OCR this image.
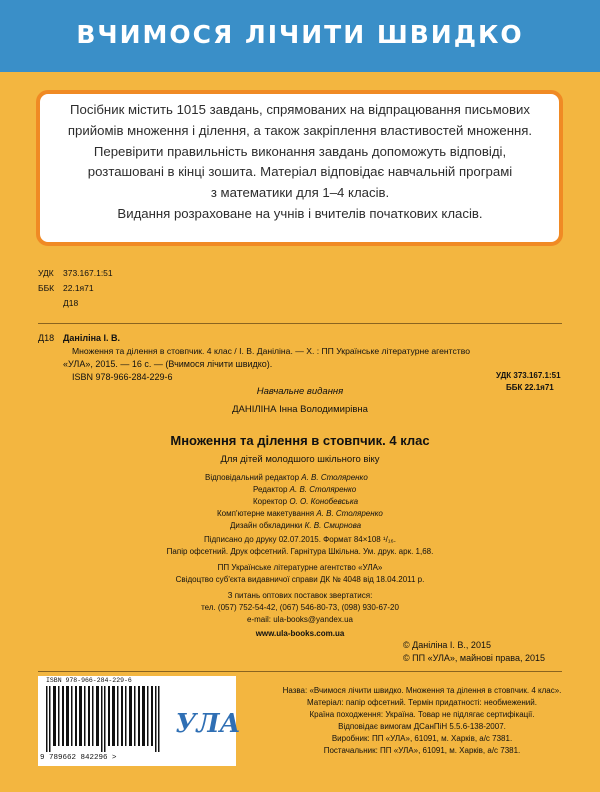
ВЧИМОСЯ ЛІЧИТИ ШВИДКО

Посібник містить 1015 завдань, спрямованих на відпрацювання письмових
прийомів множення і ділення, а також закріплення властивостей множення.
Перевірити правильність виконання завдань допоможуть відповіді,
розташовані в кінці зошита. Матеріал відповідає навчальній програмі
з математики для 1–4 класів.
Видання розраховане на учнів і вчителів початкових класів.

УДК 373.167.1:51
ББК 22.1я71
Д18
Д18 Даніліна І. В.
Множення та ділення в стовпчик. 4 клас / І. В. Даніліна. — Х. : ПП Українське літературне агентство
«УЛА», 2015. — 16 с. — (Вчимося лічити швидко).
ISBN 978-966-284-229-6	УДК 373.167.1:51
ББК 22.1я71
Навчальне видання
ДАНІЛІНА Інна Володимирівна
Множення та ділення в стовпчик. 4 клас
Для дітей молодшого шкільного віку
Відповідальний редактор А. В. Столяренко
Редактор А. В. Столяренко
Коректор О. О. Конобевська
Комп'ютерне макетування А. В. Столяренко
Дизайн обкладинки К. В. Смирнова
Підписано до друку 02.07.2015. Формат 84×108 ¹/₁₆.
Папір офсетний. Друк офсетний. Гарнітура Шкільна. Ум. друк. арк. 1,68.
ПП Українське літературне агентство «УЛА»
Свідоцтво суб'єкта видавничої справи ДК № 4048 від 18.04.2011 р.
З питань оптових поставок звертатися:
тел. (057) 752-54-42, (067) 546-80-73, (098) 930-67-20
e-mail: ula-books@yandex.ua
www.ula-books.com.ua
© Даніліна І. В., 2015
© ПП «УЛА», майнові права, 2015
ISBN 978-966-284-229-6
9 789662 842296 >
УЛА
Назва: «Вчимося лічити швидко. Множення та ділення в стовпчик. 4 клас».
Матеріал: папір офсетний. Термін придатності: необмежений.
Країна походження: Україна. Товар не підлягає сертифікації.
Відповідає вимогам ДСанПіН 5.5.6-138-2007.
Виробник: ПП «УЛА», 61091, м. Харків, а/с 7381.
Постачальник: ПП «УЛА», 61091, м. Харків, а/с 7381.
